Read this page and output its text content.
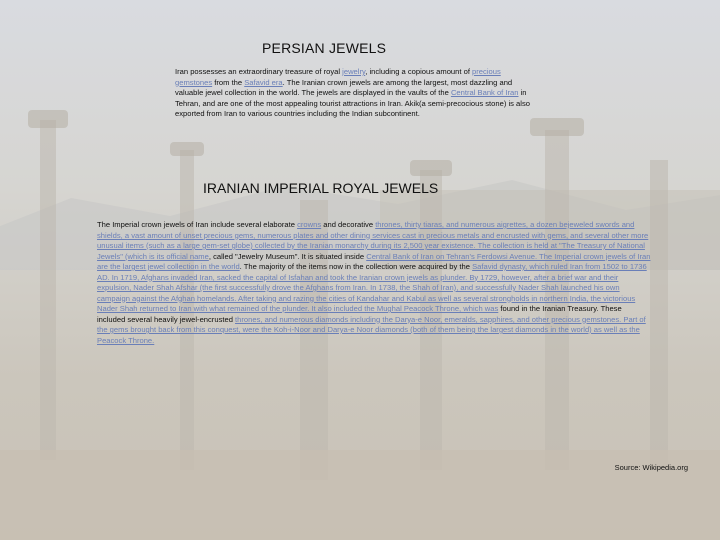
PERSIAN JEWELS

Iran possesses an extraordinary treasure of royal jewelry, including a copious amount of precious gemstones from the Safavid era. The Iranian crown jewels are among the largest, most dazzling and valuable jewel collection in the world. The jewels are displayed in the vaults of the Central Bank of Iran in Tehran, and are one of the most appealing tourist attractions in Iran. Akik(a semi-precocious stone) is also exported from Iran to various countries including the Indian subcontinent.

IRANIAN IMPERIAL ROYAL JEWELS

The Imperial crown jewels of Iran include several elaborate crowns and decorative thrones, thirty tiaras, and numerous aigrettes, a dozen bejeweled swords and shields, a vast amount of unset precious gems, numerous plates and other dining services cast in precious metals and encrusted with gems, and several other more unusual items (such as a large gem-set globe) collected by the Iranian monarchy during its 2,500 year existence. The collection is held at "The Treasury of National Jewels" (which is its official name, called "Jewelry Museum". It is situated inside Central Bank of Iran on Tehran's Ferdowsi Avenue. The Imperial crown jewels of Iran are the largest jewel collection in the world. The majority of the items now in the collection were acquired by the Safavid dynasty, which ruled Iran from 1502 to 1736 AD. In 1719, Afghans invaded Iran, sacked the capital of Isfahan and took the Iranian crown jewels as plunder. By 1729, however, after a brief war and their expulsion, Nader Shah Afshar (the first successfully drove the Afghans from Iran. In 1738, the Shah of Iran), and successfully Nader Shah launched his own campaign against the Afghan homelands. After taking and razing the cities of Kandahar and Kabul as well as several strongholds in northern India, the victorious Nader Shah returned to Iran with what remained of the plunder. It also included the Mughal Peacock Throne, which was found in the Iranian Treasury. These included several heavily jewel-encrusted thrones, and numerous diamonds including the Darya-e Noor, emeralds, sapphires, and other precious gemstones. Part of the gems brought back from this conquest, were the Koh-i-Noor and Darya-e Noor diamonds (both of them being the largest diamonds in the world) as well as the Peacock Throne.

Source: Wikipedia.org
